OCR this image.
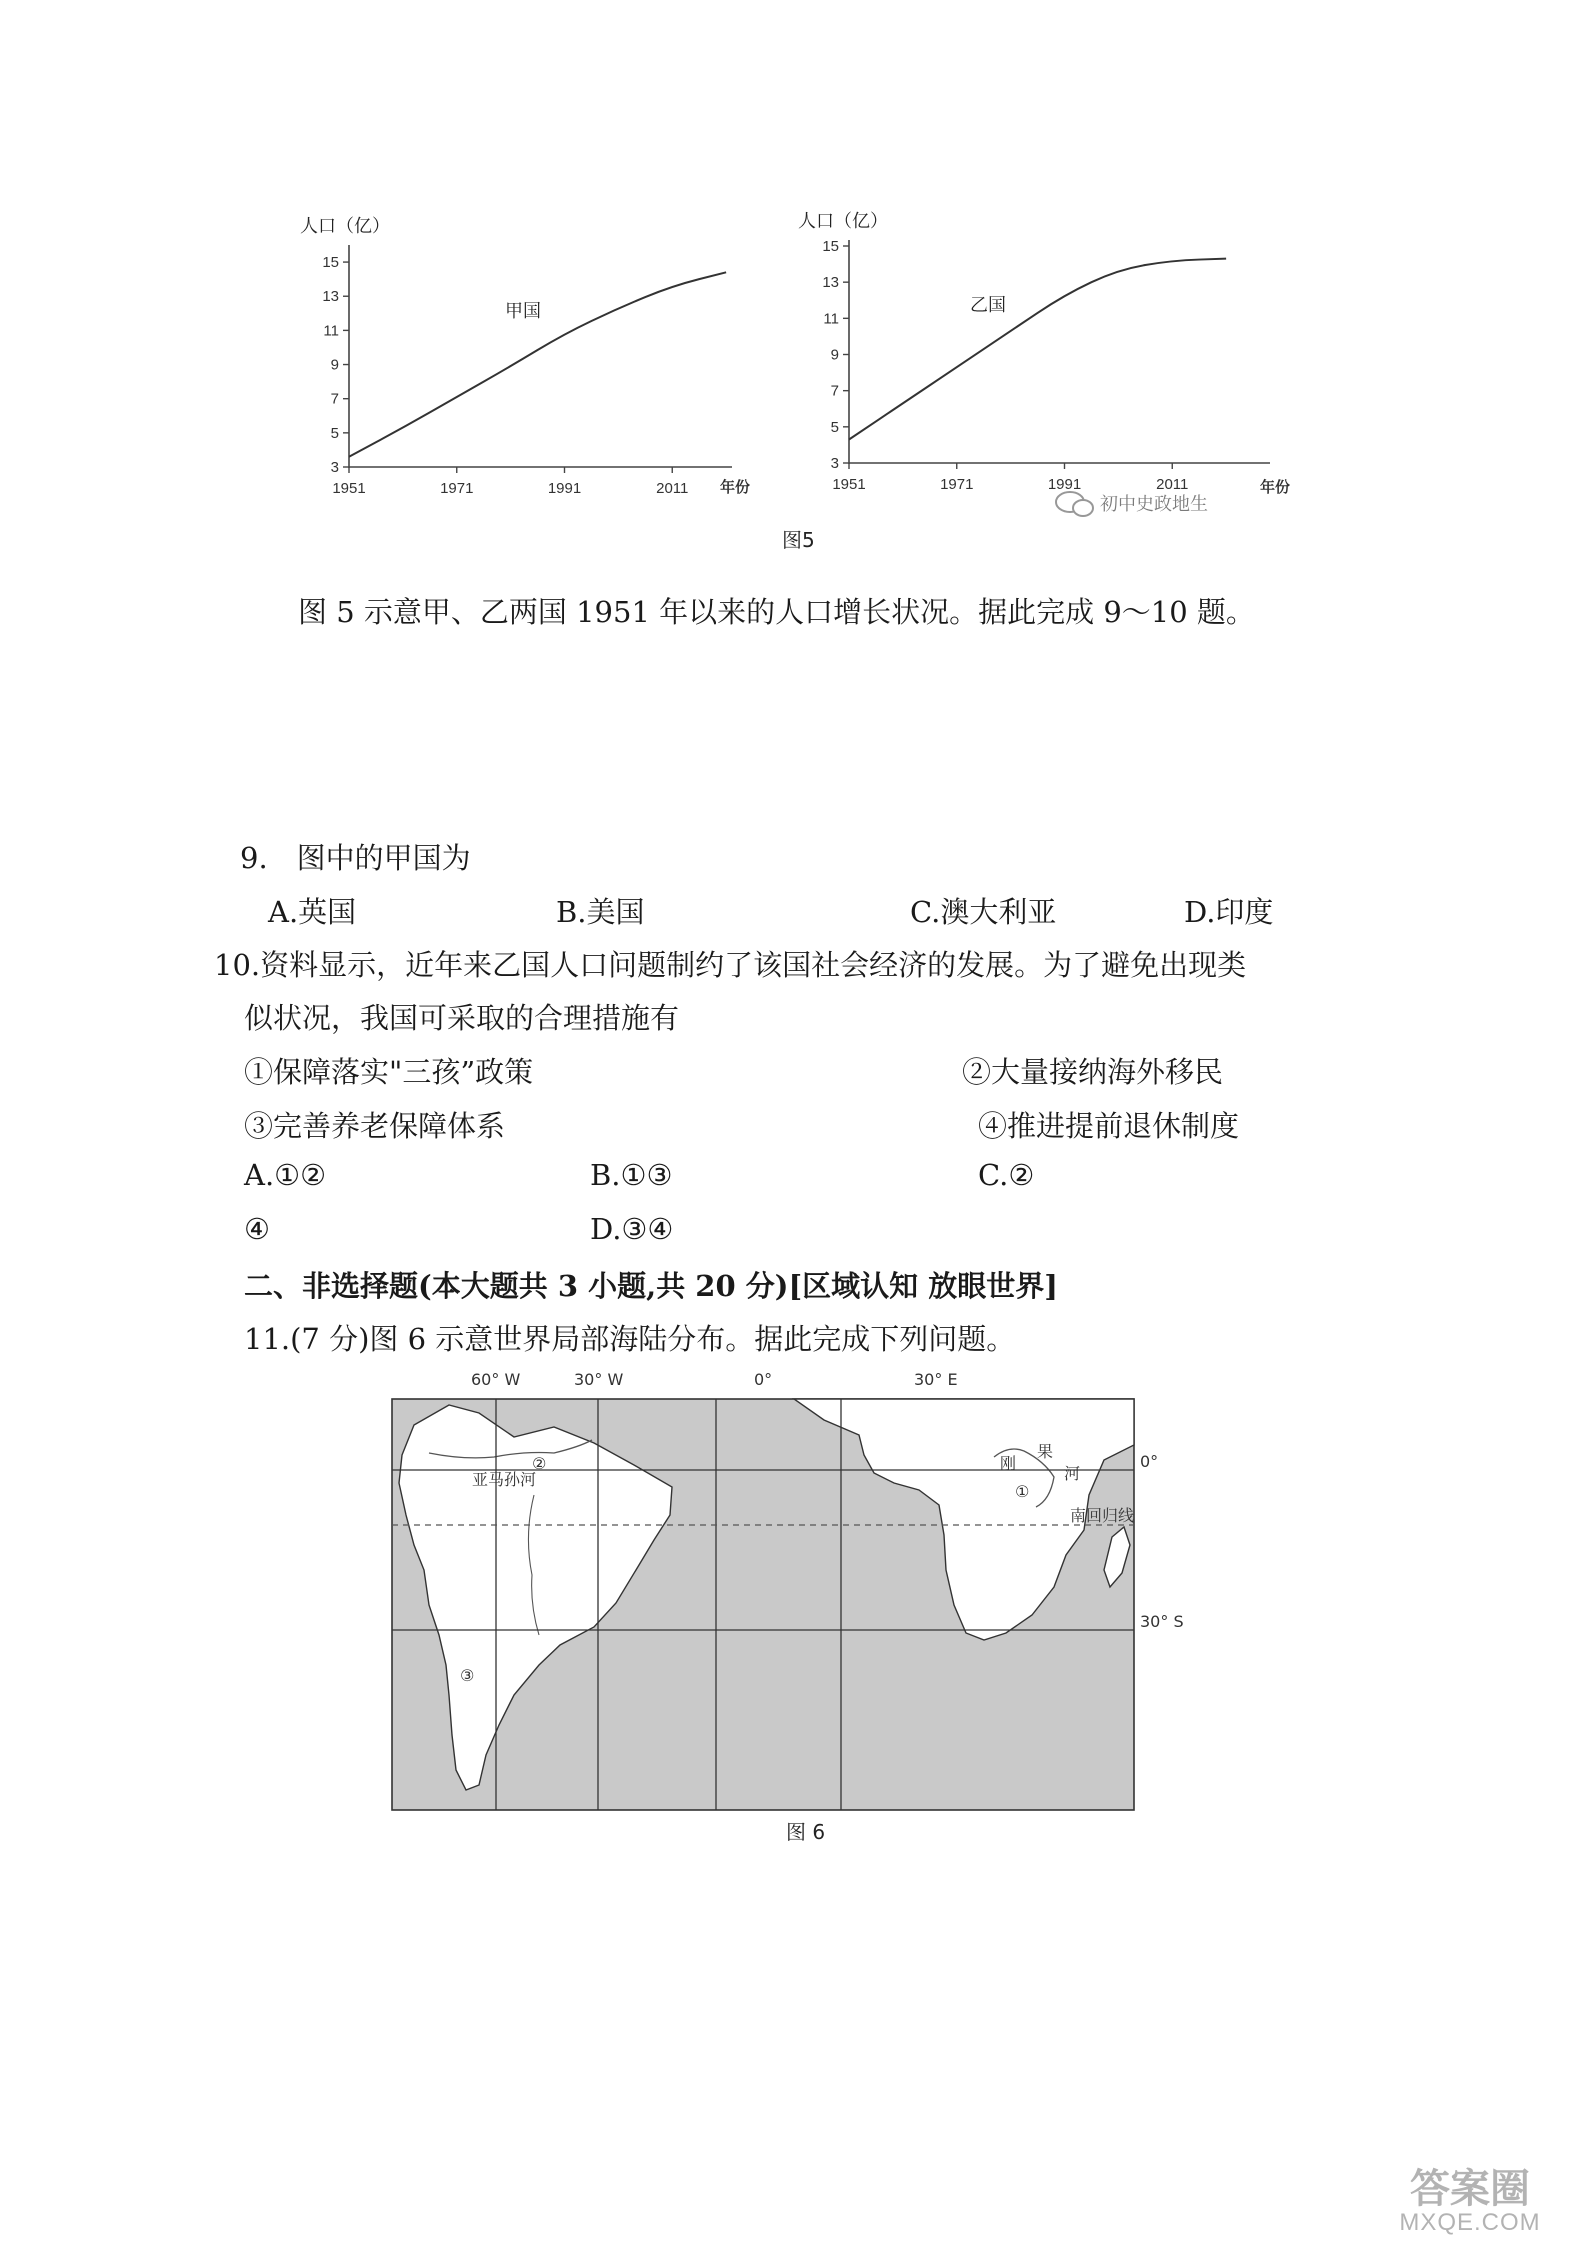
人口（亿）
3
5
7
9
11
13
15
1951	1971	1991	2011
甲国
年份
人口（亿）
3
5
7
9
11
13
15
1951	1971	1991	2011
乙国
年份
初中史政地生
图5
图 5 示意甲、乙两国 1951 年以来的人口增长状况。据此完成 9～10 题。
9.　图中的甲国为
A.英国	B.美国	C.澳大利亚	D.印度
10.资料显示，近年来乙国人口问题制约了该国社会经济的发展。为了避免出现类
似状况，我国可采取的合理措施有
①保障落实"三孩”政策	②大量接纳海外移民
③完善养老保障体系	④推进提前退休制度
A.①②	B.①③	C.②
④	D.③④
二、非选择题(本大题共 3 小题,共 20 分)[区域认知 放眼世界]
11.(7 分)图 6 示意世界局部海陆分布。据此完成下列问题。
60° W	30° W	0°	30° E
0°
30° S
亚马孙河
刚
果
河
南回归线
①
②
③
图 6
答案圈
MXQE.COM
